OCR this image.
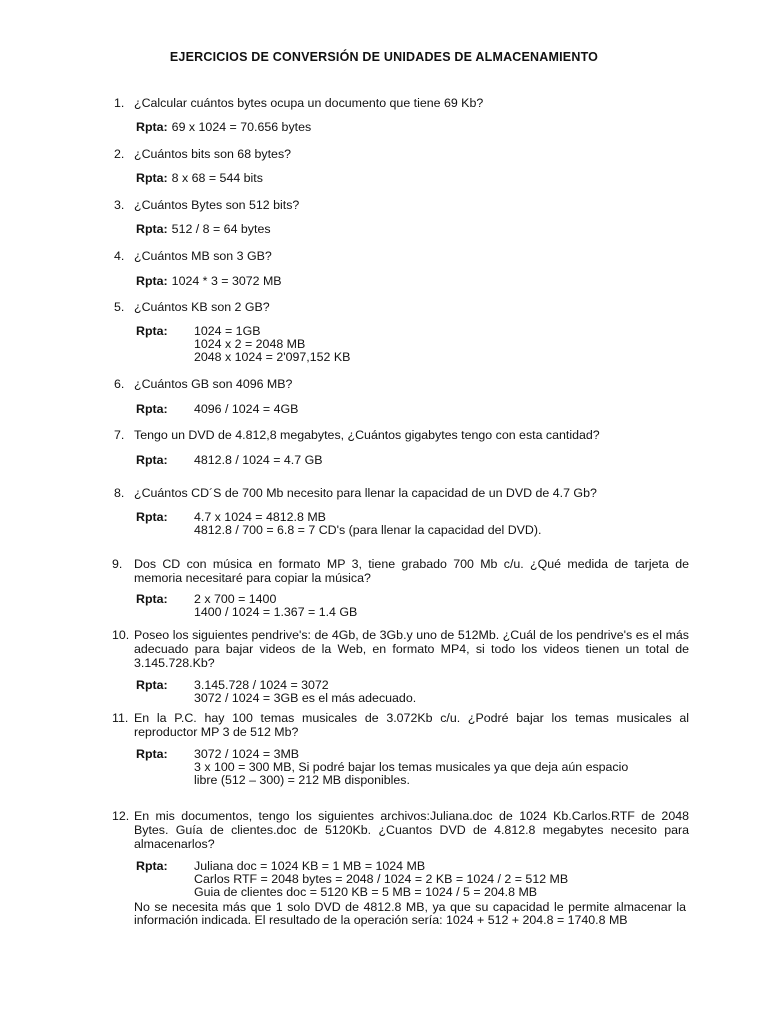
EJERCICIOS DE CONVERSIÓN DE UNIDADES DE ALMACENAMIENTO
1. ¿Calcular cuántos bytes ocupa un documento que tiene 69 Kb?
Rpta: 69 x 1024 = 70.656 bytes
2. ¿Cuántos bits son 68 bytes?
Rpta: 8 x 68 = 544 bits
3. ¿Cuántos Bytes son 512 bits?
Rpta: 512 / 8 = 64 bytes
4. ¿Cuántos MB son 3 GB?
Rpta: 1024 * 3 = 3072 MB
5. ¿Cuántos KB son 2 GB?
Rpta: 1024 = 1GB
1024 x 2 = 2048 MB
2048 x 1024 = 2'097,152 KB
6. ¿Cuántos GB son 4096 MB?
Rpta: 4096 / 1024 = 4GB
7. Tengo un DVD de 4.812,8 megabytes, ¿Cuántos gigabytes tengo con esta cantidad?
Rpta: 4812.8 / 1024 = 4.7 GB
8. ¿Cuántos CD´S de 700 Mb necesito para llenar la capacidad de un DVD de 4.7 Gb?
Rpta: 4.7 x 1024 = 4812.8 MB
4812.8 / 700 = 6.8 = 7 CD's (para llenar la capacidad del DVD).
9. Dos CD con música en formato MP 3, tiene grabado 700 Mb c/u. ¿Qué medida de tarjeta de memoria necesitaré para copiar la música?
Rpta: 2 x 700 = 1400
1400 / 1024 = 1.367 = 1.4 GB
10. Poseo los siguientes pendrive's: de 4Gb, de 3Gb.y uno de 512Mb. ¿Cuál de los pendrive's es el más adecuado para bajar videos de la Web, en formato MP4, si todo los videos tienen un total de 3.145.728.Kb?
Rpta: 3.145.728 / 1024 = 3072
3072 / 1024 = 3GB es el más adecuado.
11. En la P.C. hay 100 temas musicales de 3.072Kb c/u. ¿Podré bajar los temas musicales al reproductor MP 3 de 512 Mb?
Rpta: 3072 / 1024 = 3MB
3 x 100 = 300 MB, Si podré bajar los temas musicales ya que deja aún espacio
libre (512 – 300) = 212 MB disponibles.
12. En mis documentos, tengo los siguientes archivos:Juliana.doc de 1024 Kb.Carlos.RTF de 2048 Bytes. Guía de clientes.doc de 5120Kb. ¿Cuantos DVD de 4.812.8 megabytes necesito para almacenarlos?
Rpta: Juliana doc = 1024 KB = 1 MB = 1024 MB
Carlos RTF = 2048 bytes = 2048 / 1024 = 2 KB = 1024 / 2 = 512 MB
Guia de clientes doc = 5120 KB = 5 MB = 1024 / 5 = 204.8 MB
No se necesita más que 1 solo DVD de 4812.8 MB, ya que su capacidad le permite almacenar la información indicada. El resultado de la operación sería: 1024 + 512 + 204.8 = 1740.8 MB
